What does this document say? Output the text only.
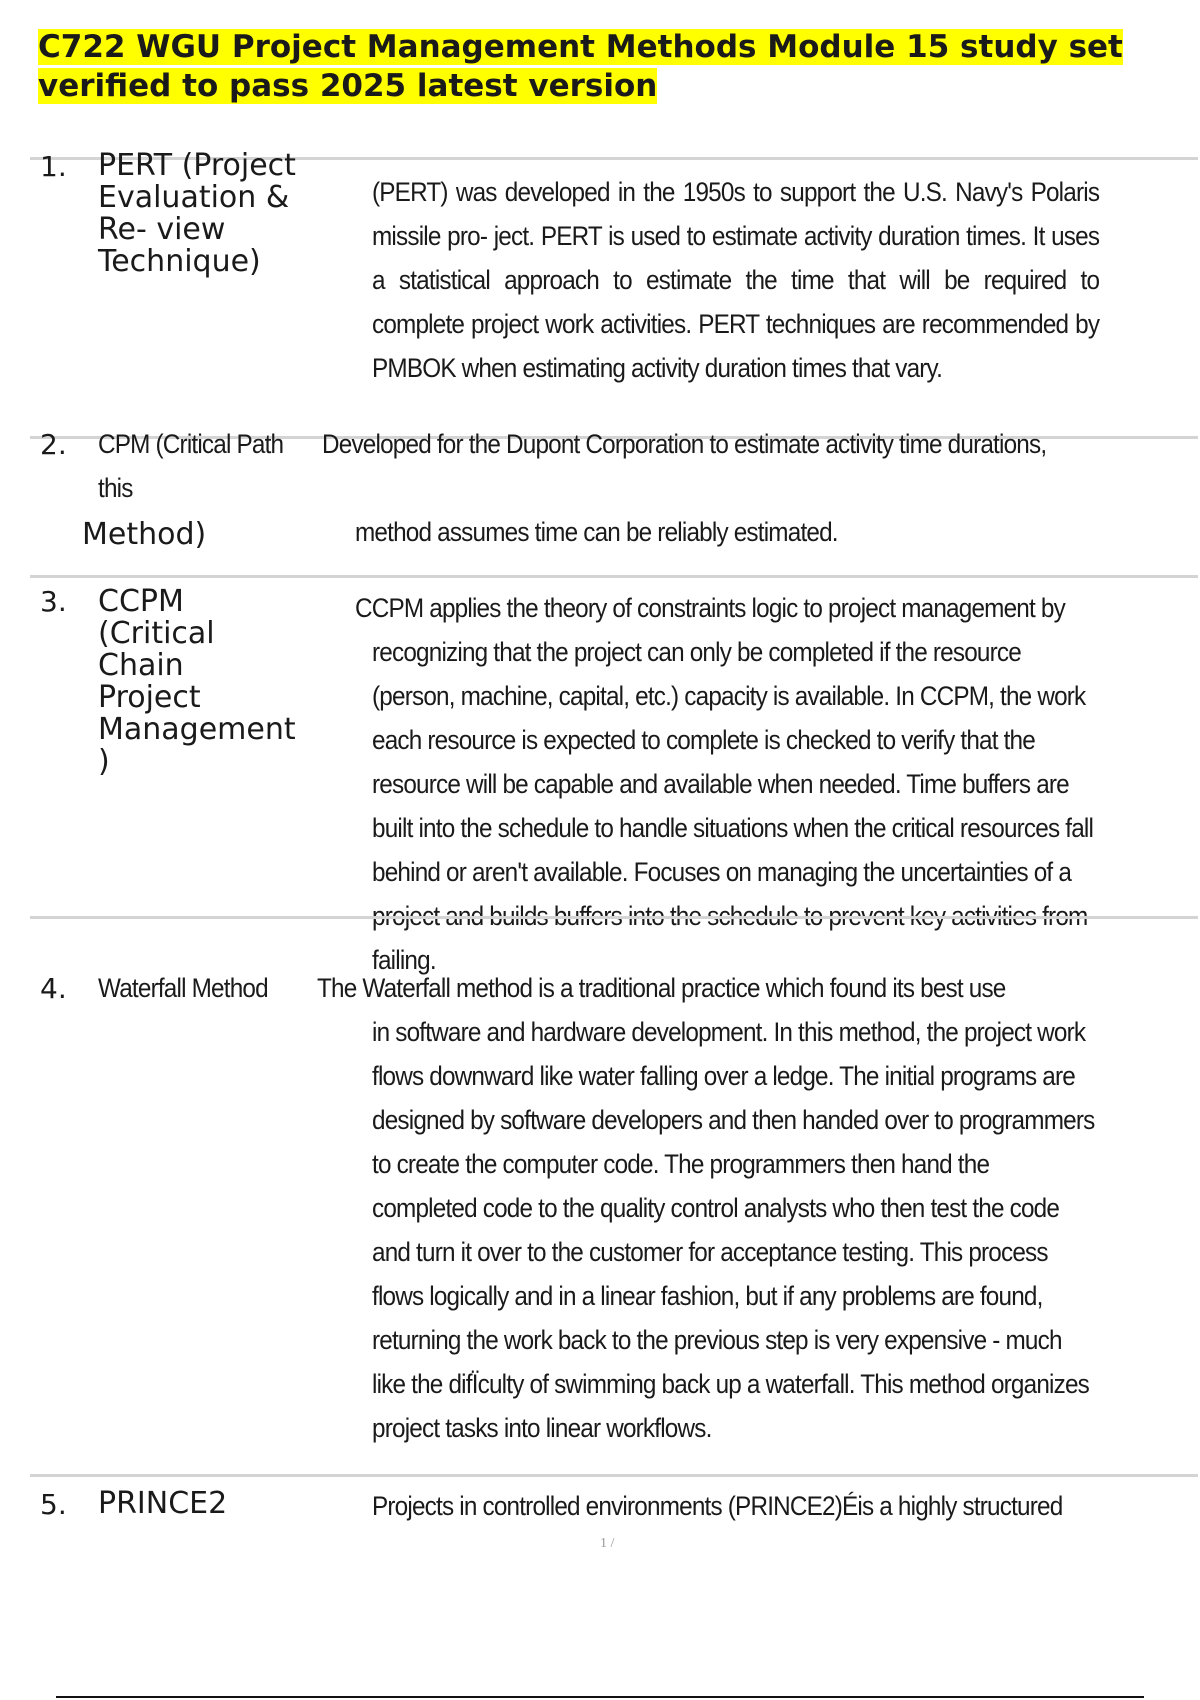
C722 WGU Project Management Methods Module 15 study set verified to pass 2025 latest version
1. PERT (Project
Evaluation &
Re- view
Technique)
(PERT) was developed in the 1950s to support the U.S. Navy's Polaris missile pro- ject. PERT is used to estimate activity duration times. It uses a statistical approach to estimate the time that will be required to complete project work activities. PERT techniques are recommended by PMBOK when estimating activity duration times that vary.
2. CPM (Critical Path Developed for the Dupont Corporation to estimate activity time durations,
this
Method)	method assumes time can be reliably estimated.
3. CCPM
(Critical
Chain
Project
Management
)
CCPM applies the theory of constraints logic to project management by
recognizing that the project can only be completed if the resource (person, machine, capital, etc.) capacity is available. In CCPM, the work each resource is expected to complete is checked to verify that the resource will be capable and available when needed. Time buffers are built into the schedule to handle situations when the critical resources fall behind or aren't available. Focuses on managing the uncertainties of a project and builds buffers into the schedule to prevent key activities from failing.
4. Waterfall Method The Waterfall method is a traditional practice which found its best use
in software and hardware development. In this method, the project work flows downward like water falling over a ledge. The initial programs are designed by software developers and then handed over to programmers to create the computer code. The programmers then hand the completed code to the quality control analysts who then test the code and turn it over to the customer for acceptance testing. This process flows logically and in a linear fashion, but if any problems are found, returning the work back to the previous step is very expensive - much like the difÏculty of swimming back up a waterfall. This method organizes project tasks into linear workflows.
5. PRINCE2	Projects in controlled environments (PRINCE2)Éis a highly structured
1 /
